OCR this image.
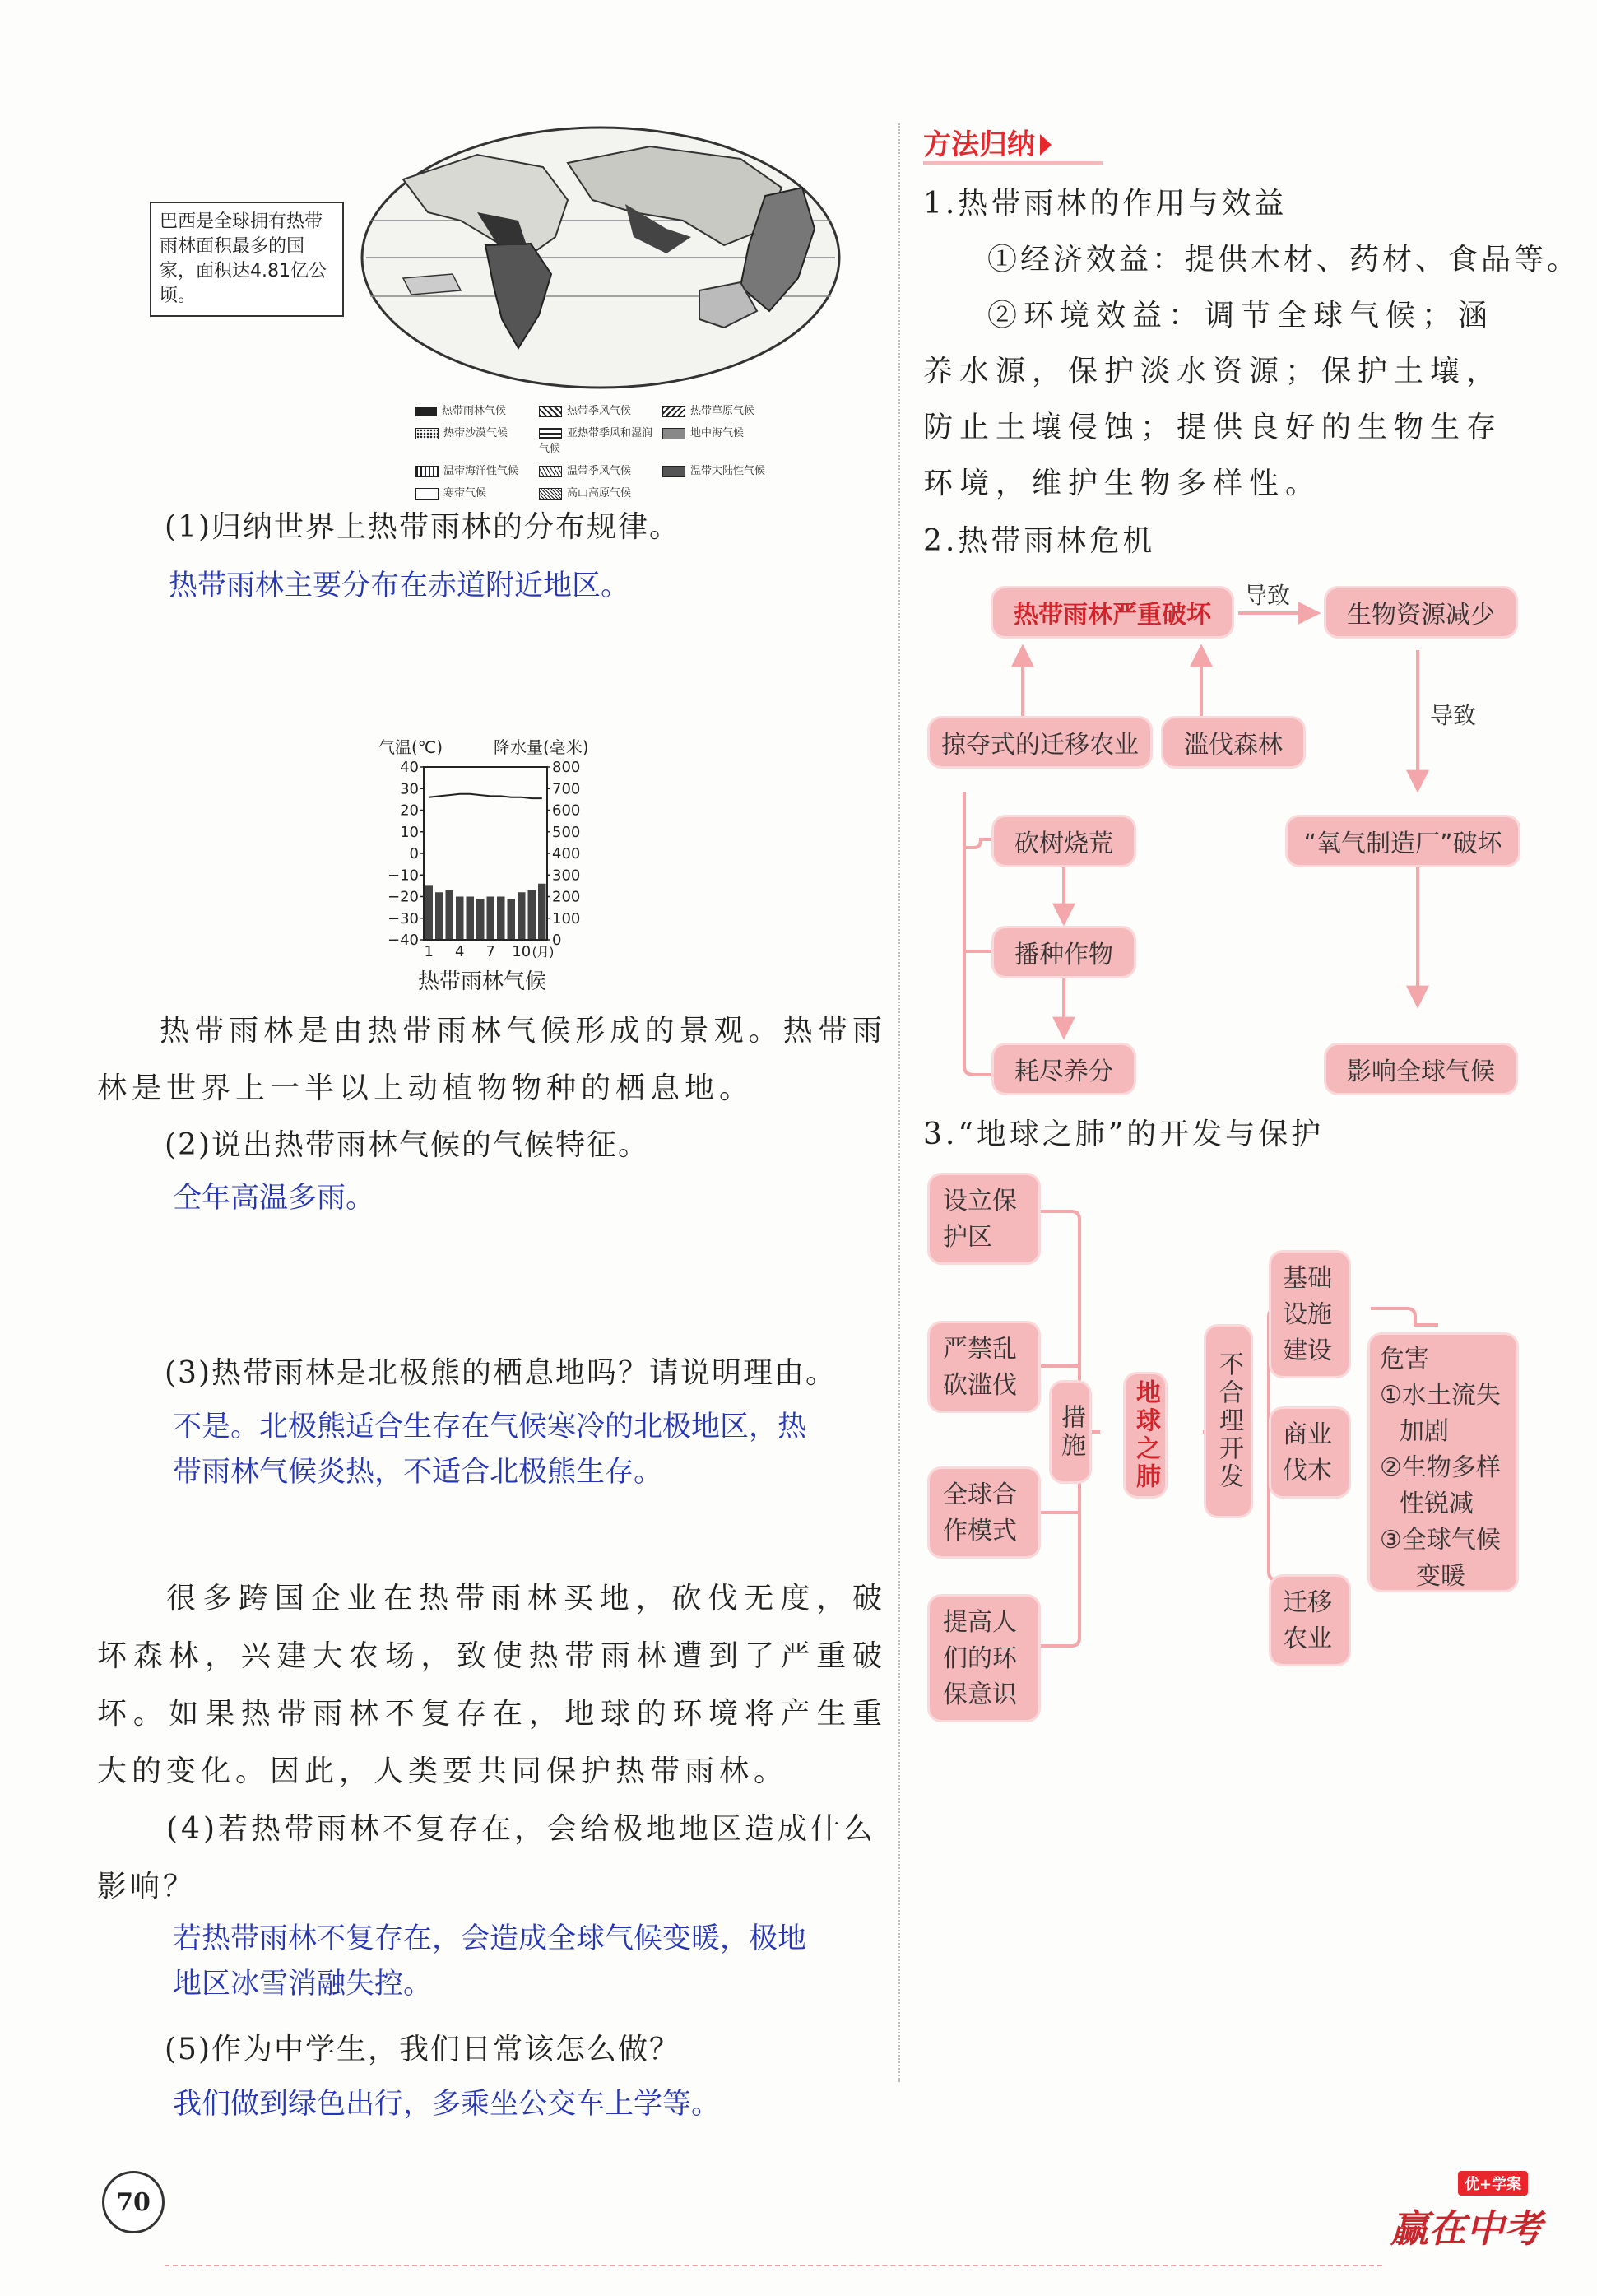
巴西是全球拥有热带雨林面积最多的国家，面积达4.81亿公顷。
热带雨林气候	热带季风气候	热带草原气候
热带沙漠气候	亚热带季风和湿润气候
地中海气候
温带海洋性气候	温带季风气候	温带大陆性气候
寒带气候	高山高原气候
(1)归纳世界上热带雨林的分布规律。
热带雨林主要分布在赤道附近地区。
40
30
20
10
0
−10
−20
−30
−40
800
700
600
500
400
300
200
100
0
1 4 7 10 (月)
气温(℃)	降水量(毫米)
热带雨林气候
热带雨林是由热带雨林气候形成的景观。热带雨林是世界上一半以上动植物物种的栖息地。
(2)说出热带雨林气候的气候特征。
全年高温多雨。
(3)热带雨林是北极熊的栖息地吗？请说明理由。
不是。北极熊适合生存在气候寒冷的北极地区，热
带雨林气候炎热，不适合北极熊生存。
很多跨国企业在热带雨林买地，砍伐无度，破坏森林，兴建大农场，致使热带雨林遭到了严重破坏。如果热带雨林不复存在，地球的环境将产生重大的变化。因此，人类要共同保护热带雨林。
(4)若热带雨林不复存在，会给极地地区造成什么影响？
若热带雨林不复存在，会造成全球气候变暖，极地
地区冰雪消融失控。
(5)作为中学生，我们日常该怎么做？
我们做到绿色出行，多乘坐公交车上学等。
方法归纳
1.热带雨林的作用与效益
①经济效益：提供木材、药材、食品等。
②环境效益：调节全球气候；涵养水源，保护淡水资源；保护土壤，防止土壤侵蚀；提供良好的生物生存环境，维护生物多样性。
2.热带雨林危机
热带雨林严重破坏
导致
生物资源减少
导致
掠夺式的迁移农业	滥伐森林
砍树烧荒	“氧气制造厂”破坏
播种作物
耗尽养分	影响全球气候
3.“地球之肺”的开发与保护
设立保护区
严禁乱砍滥伐
全球合作模式
提高人们的环保意识
措施 地球之肺	不合理开发
基础设施建设
商业伐木
迁移农业
危害
①水土流失
加剧
②生物多样
性锐减
③全球气候
变暖
70
优+学案
赢在中考
